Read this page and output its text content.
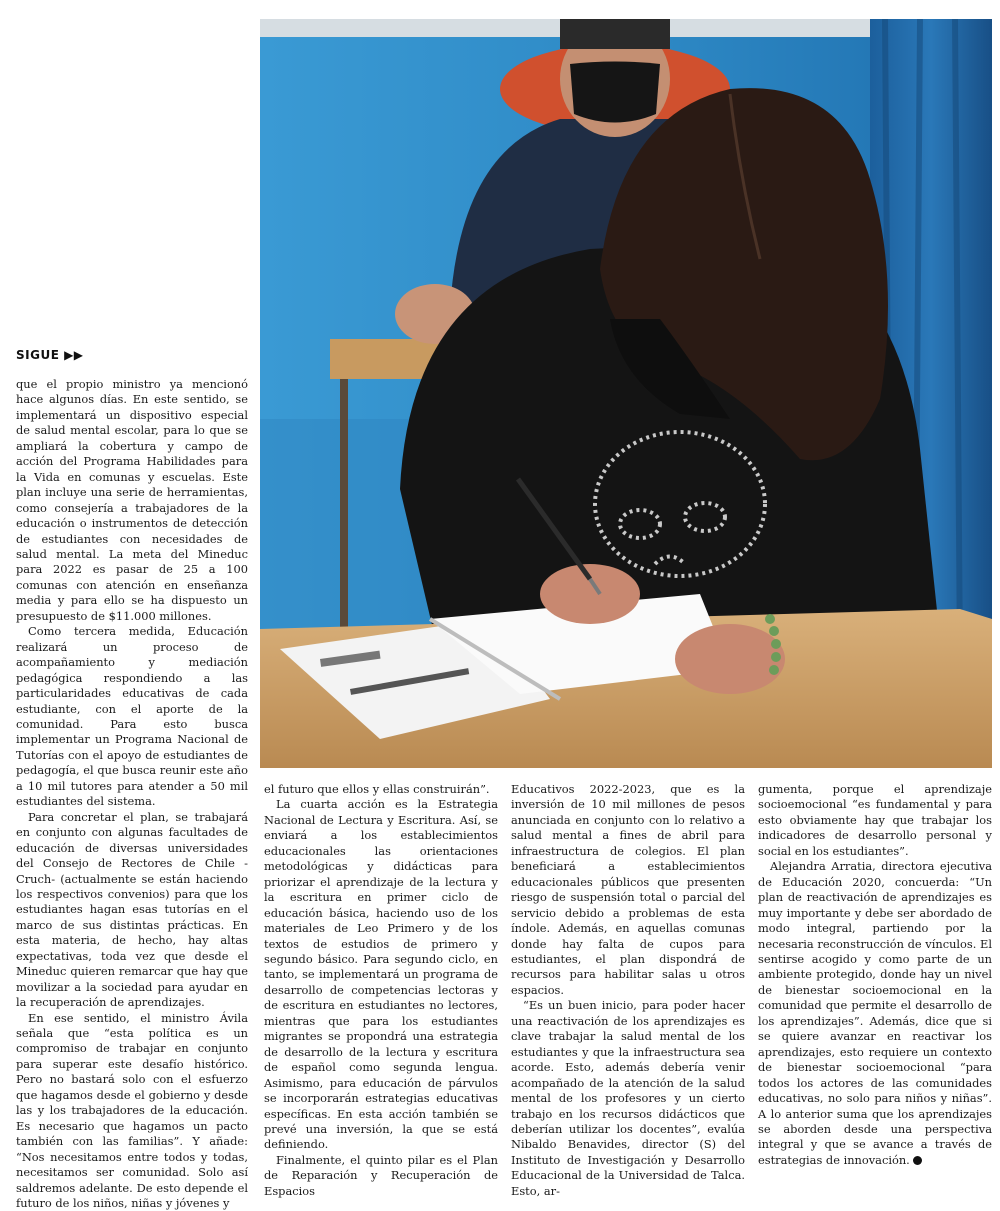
SIGUE ▶▶

que el propio ministro ya mencionó hace algunos días. En este sentido, se implementará un dispositivo especial de salud mental escolar, para lo que se ampliará la cobertura y campo de acción del Programa Habilidades para la Vida en comunas y escuelas. Este plan incluye una serie de herramientas, como consejería a trabajadores de la educación o instrumentos de detección de estudiantes con necesidades de salud mental. La meta del Mineduc para 2022 es pasar de 25 a 100 comunas con atención en enseñanza media y para ello se ha dispuesto un presupuesto de $11.000 millones.

Como tercera medida, Educación realizará un proceso de acompañamiento y mediación pedagógica respondiendo a las particularidades educativas de cada estudiante, con el aporte de la comunidad. Para esto busca implementar un Programa Nacional de Tutorías con el apoyo de estudiantes de pedagogía, el que busca reunir este año a 10 mil tutores para atender a 50 mil estudiantes del sistema.

Para concretar el plan, se trabajará en conjunto con algunas facultades de educación de diversas universidades del Consejo de Rectores de Chile -Cruch- (actualmente se están haciendo los respectivos convenios) para que los estudiantes hagan esas tutorías en el marco de sus distintas prácticas. En esta materia, de hecho, hay altas expectativas, toda vez que desde el Mineduc quieren remarcar que hay que movilizar a la sociedad para ayudar en la recuperación de aprendizajes.

En ese sentido, el ministro Ávila señala que “esta política es un compromiso de trabajar en conjunto para superar este desafío histórico. Pero no bastará solo con el esfuerzo que hagamos desde el gobierno y desde las y los trabajadores de la educación. Es necesario que hagamos un pacto también con las familias”. Y añade: “Nos necesitamos entre todos y todas, necesitamos ser comunidad. Solo así saldremos adelante. De esto depende el futuro de los niños, niñas y jóvenes y

el futuro que ellos y ellas construirán”.

La cuarta acción es la Estrategia Nacional de Lectura y Escritura. Así, se enviará a los establecimientos educacionales las orientaciones metodológicas y didácticas para priorizar el aprendizaje de la lectura y la escritura en primer ciclo de educación básica, haciendo uso de los materiales de Leo Primero y de los textos de estudios de primero y segundo básico. Para segundo ciclo, en tanto, se implementará un programa de desarrollo de competencias lectoras y de escritura en estudiantes no lectores, mientras que para los estudiantes migrantes se propondrá una estrategia de desarrollo de la lectura y escritura de español como segunda lengua. Asimismo, para educación de párvulos se incorporarán estrategias educativas específicas. En esta acción también se prevé una inversión, la que se está definiendo.

Finalmente, el quinto pilar es el Plan de Reparación y Recuperación de Espacios

Educativos 2022-2023, que es la inversión de 10 mil millones de pesos anunciada en conjunto con lo relativo a salud mental a fines de abril para infraestructura de colegios. El plan beneficiará a establecimientos educacionales públicos que presenten riesgo de suspensión total o parcial del servicio debido a problemas de esta índole. Además, en aquellas comunas donde hay falta de cupos para estudiantes, el plan dispondrá de recursos para habilitar salas u otros espacios.

“Es un buen inicio, para poder hacer una reactivación de los aprendizajes es clave trabajar la salud mental de los estudiantes y que la infraestructura sea acorde. Esto, además debería venir acompañado de la atención de la salud mental de los profesores y un cierto trabajo en los recursos didácticos que deberían utilizar los docentes”, evalúa Nibaldo Benavides, director (S) del Instituto de Investigación y Desarrollo Educacional de la Universidad de Talca. Esto, ar-

gumenta, porque el aprendizaje socioemocional “es fundamental y para esto obviamente hay que trabajar los indicadores de desarrollo personal y social en los estudiantes”.

Alejandra Arratia, directora ejecutiva de Educación 2020, concuerda: “Un plan de reactivación de aprendizajes es muy importante y debe ser abordado de modo integral, partiendo por la necesaria reconstrucción de vínculos. El sentirse acogido y como parte de un ambiente protegido, donde hay un nivel de bienestar socioemocional en la comunidad que permite el desarrollo de los aprendizajes”. Además, dice que si se quiere avanzar en reactivar los aprendizajes, esto requiere un contexto de bienestar socioemocional “para todos los actores de las comunidades educativas, no solo para niños y niñas”. A lo anterior suma que los aprendizajes se aborden desde una perspectiva integral y que se avance a través de estrategias de innovación.
